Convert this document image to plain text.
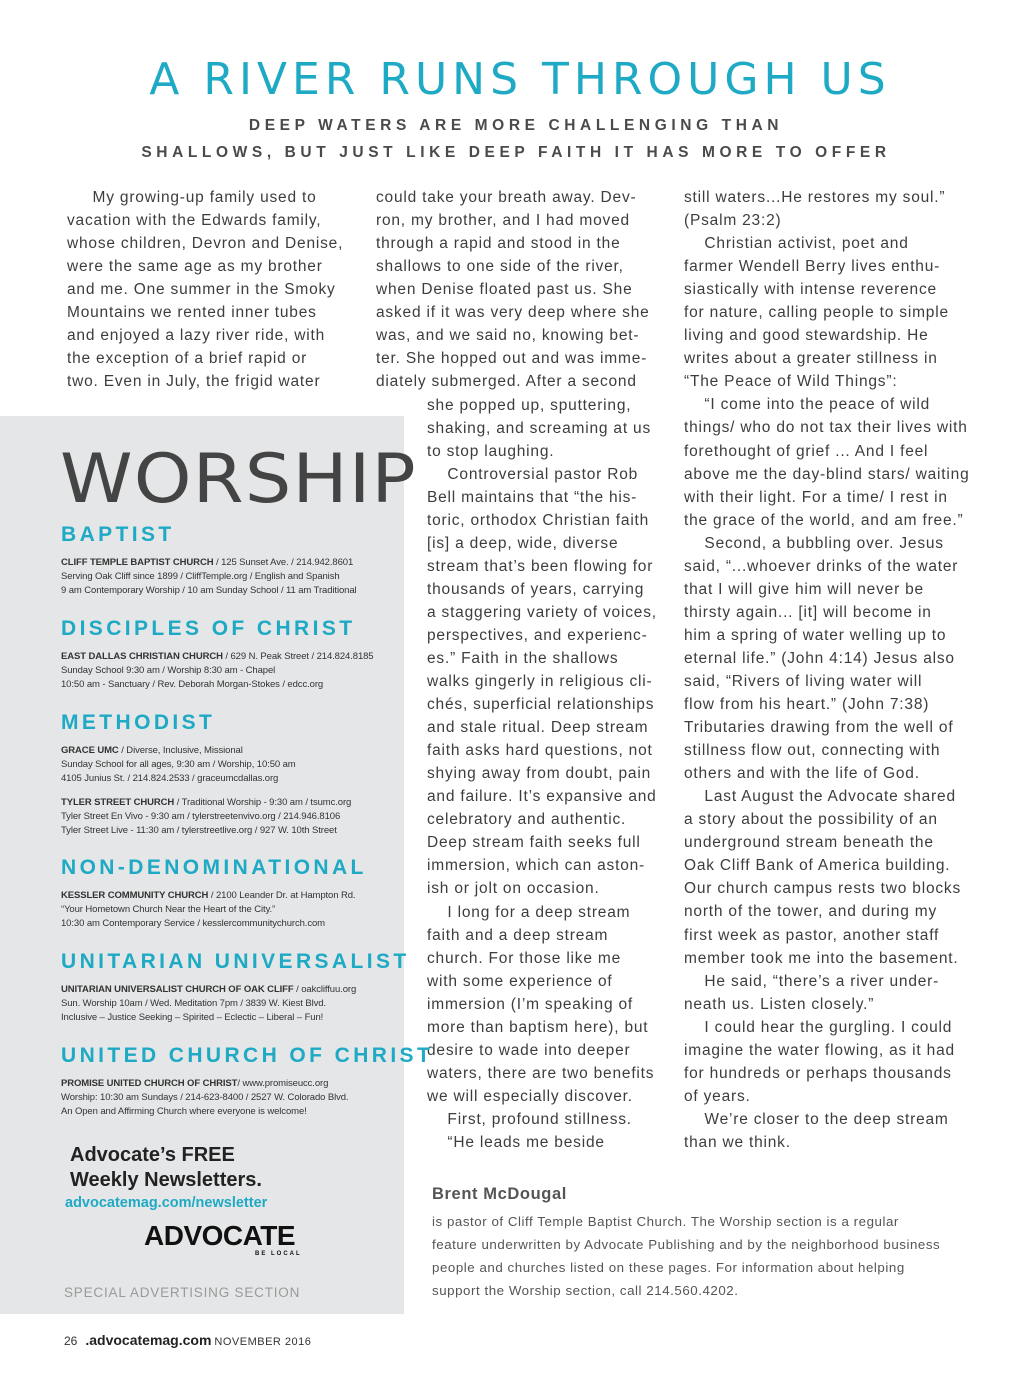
A RIVER RUNS THROUGH US
DEEP WATERS ARE MORE CHALLENGING THAN
SHALLOWS, BUT JUST LIKE DEEP FAITH IT HAS MORE TO OFFER
My growing-up family used to
vacation with the Edwards family,
whose children, Devron and Denise,
were the same age as my brother
and me. One summer in the Smoky
Mountains we rented inner tubes
and enjoyed a lazy river ride, with
the exception of a brief rapid or
two. Even in July, the frigid water
could take your breath away. Dev-
ron, my brother, and I had moved
through a rapid and stood in the
shallows to one side of the river,
when Denise floated past us. She
asked if it was very deep where she
was, and we said no, knowing bet-
ter. She hopped out and was imme-
diately submerged. After a second
she popped up, sputtering,
shaking, and screaming at us
to stop laughing.
Controversial pastor Rob
Bell maintains that “the his-
toric, orthodox Christian faith
[is] a deep, wide, diverse
stream that’s been flowing for
thousands of years, carrying
a staggering variety of voices,
perspectives, and experienc-
es.” Faith in the shallows
walks gingerly in religious cli-
chés, superficial relationships
and stale ritual. Deep stream
faith asks hard questions, not
shying away from doubt, pain
and failure. It’s expansive and
celebratory and authentic.
Deep stream faith seeks full
immersion, which can aston-
ish or jolt on occasion.
I long for a deep stream
faith and a deep stream
church. For those like me
with some experience of
immersion (I’m speaking of
more than baptism here), but
desire to wade into deeper
waters, there are two benefits
we will especially discover.
First, profound stillness.
“He leads me beside
still waters...He restores my soul.”
(Psalm 23:2)
Christian activist, poet and
farmer Wendell Berry lives enthu-
siastically with intense reverence
for nature, calling people to simple
living and good stewardship. He
writes about a greater stillness in
“The Peace of Wild Things”:
“I come into the peace of wild
things/ who do not tax their lives with
forethought of grief ... And I feel
above me the day-blind stars/ waiting
with their light. For a time/ I rest in
the grace of the world, and am free.”
Second, a bubbling over. Jesus
said, “...whoever drinks of the water
that I will give him will never be
thirsty again... [it] will become in
him a spring of water welling up to
eternal life.” (John 4:14) Jesus also
said, “Rivers of living water will
flow from his heart.” (John 7:38)
Tributaries drawing from the well of
stillness flow out, connecting with
others and with the life of God.
Last August the Advocate shared
a story about the possibility of an
underground stream beneath the
Oak Cliff Bank of America building.
Our church campus rests two blocks
north of the tower, and during my
first week as pastor, another staff
member took me into the basement.
He said, “there’s a river under-
neath us. Listen closely.”
I could hear the gurgling. I could
imagine the water flowing, as it had
for hundreds or perhaps thousands
of years.
We’re closer to the deep stream
than we think.
WORSHIP
BAPTIST
CLIFF TEMPLE BAPTIST CHURCH / 125 Sunset Ave. / 214.942.8601
Serving Oak Cliff since 1899 / CliffTemple.org / English and Spanish
9 am Contemporary Worship / 10 am Sunday School / 11 am Traditional
DISCIPLES OF CHRIST
EAST DALLAS CHRISTIAN CHURCH / 629 N. Peak Street / 214.824.8185
Sunday School 9:30 am / Worship 8:30 am - Chapel
10:50 am - Sanctuary / Rev. Deborah Morgan-Stokes / edcc.org
METHODIST
GRACE UMC / Diverse, Inclusive, Missional
Sunday School for all ages, 9:30 am / Worship, 10:50 am
4105 Junius St. / 214.824.2533 / graceumcdallas.org
TYLER STREET CHURCH / Traditional Worship - 9:30 am / tsumc.org
Tyler Street En Vivo - 9:30 am / tylerstreetenvivo.org / 214.946.8106
Tyler Street Live - 11:30 am / tylerstreetlive.org / 927 W. 10th Street
NON-DENOMINATIONAL
KESSLER COMMUNITY CHURCH / 2100 Leander Dr. at Hampton Rd.
“Your Hometown Church Near the Heart of the City.”
10:30 am Contemporary Service / kesslercommunitychurch.com
UNITARIAN UNIVERSALIST
UNITARIAN UNIVERSALIST CHURCH OF OAK CLIFF / oakcliffuu.org
Sun. Worship 10am / Wed. Meditation 7pm / 3839 W. Kiest Blvd.
Inclusive – Justice Seeking – Spirited – Eclectic – Liberal – Fun!
UNITED CHURCH OF CHRIST
PROMISE UNITED CHURCH OF CHRIST/ www.promiseucc.org
Worship: 10:30 am Sundays / 214-623-8400 / 2527 W. Colorado Blvd.
An Open and Affirming Church where everyone is welcome!
Advocate’s FREE
Weekly Newsletters.
advocatemag.com/newsletter
ADVOCATE
BE LOCAL
SPECIAL ADVERTISING SECTION
Brent McDougal
is pastor of Cliff Temple Baptist Church. The Worship section is a regular
feature underwritten by Advocate Publishing and by the neighborhood business
people and churches listed on these pages. For information about helping
support the Worship section, call 214.560.4202.
26 .advocatemag.com NOVEMBER 2016
